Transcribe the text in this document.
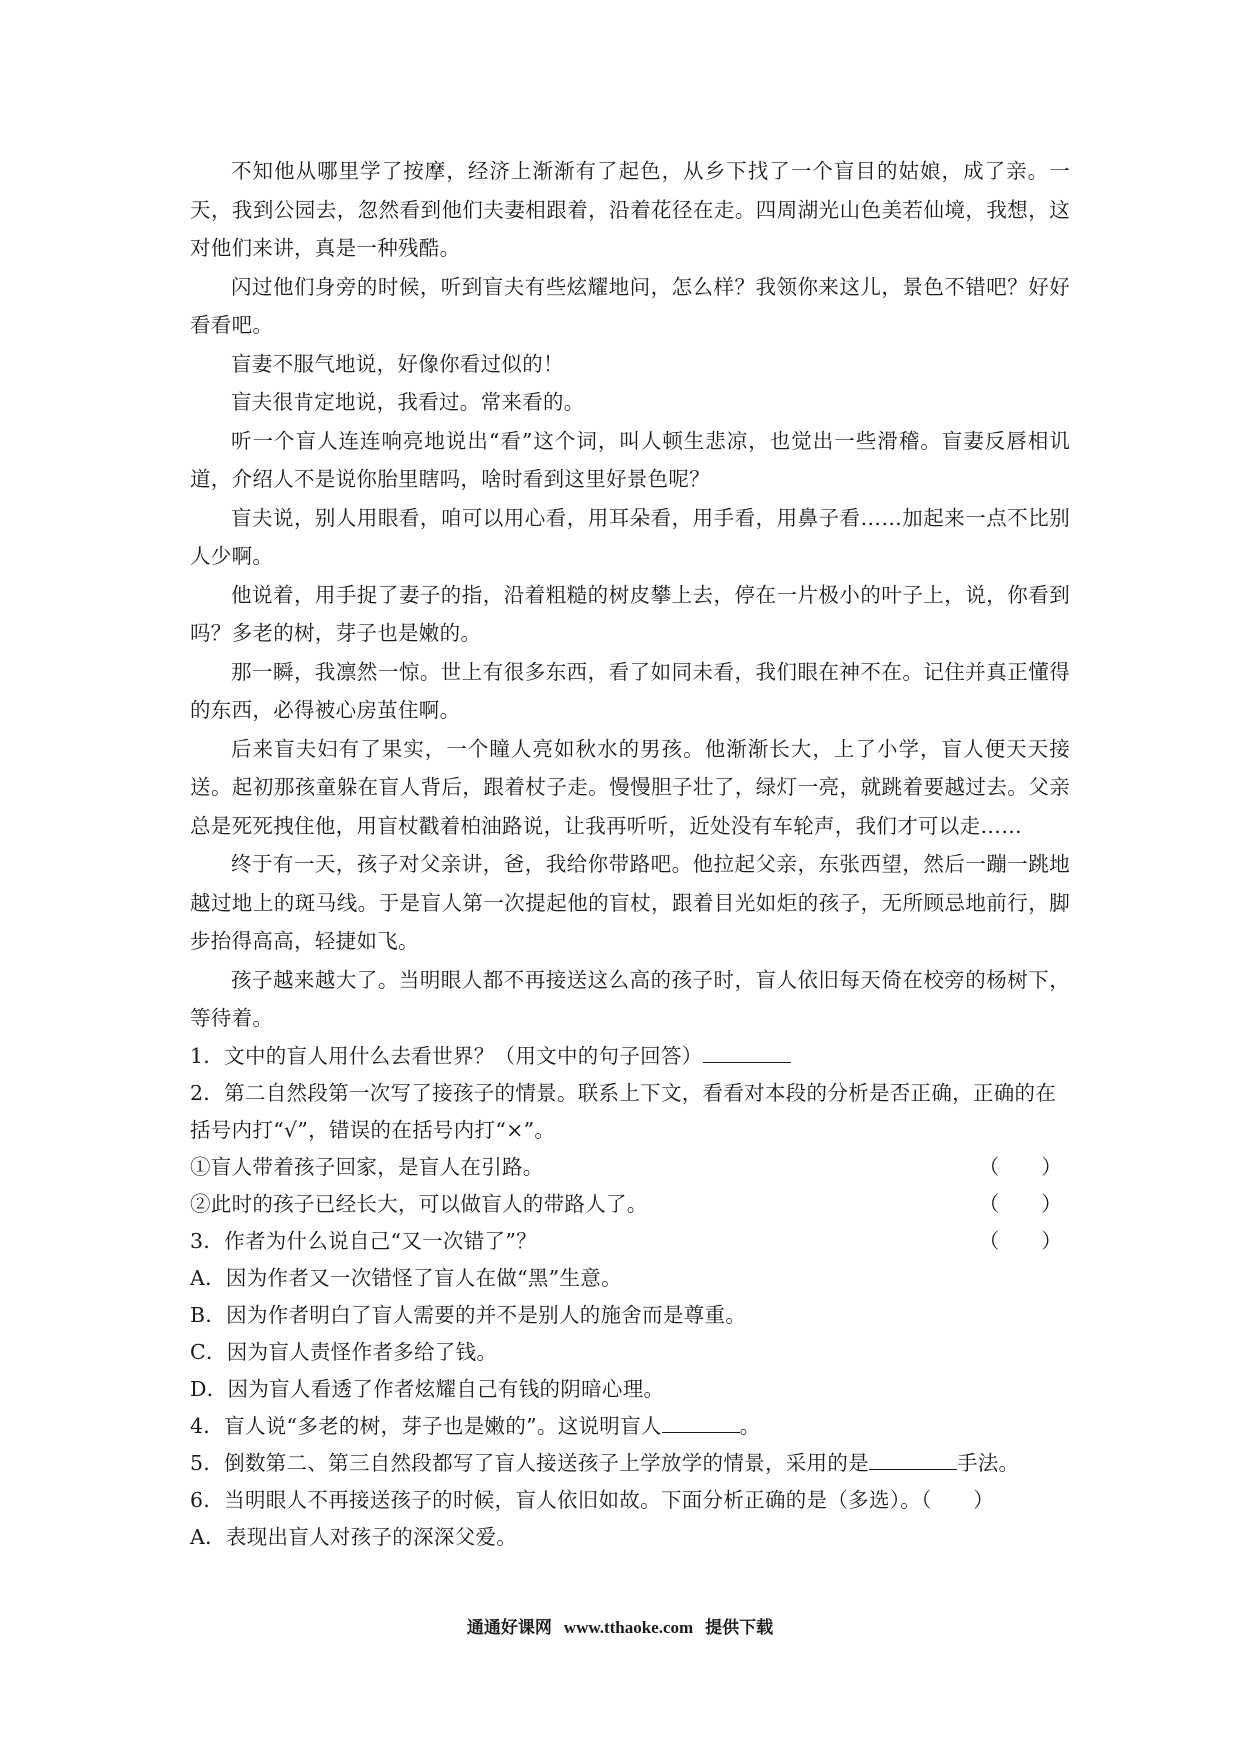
不知他从哪里学了按摩，经济上渐渐有了起色，从乡下找了一个盲目的姑娘，成了亲。一天，我到公园去，忽然看到他们夫妻相跟着，沿着花径在走。四周湖光山色美若仙境，我想，这对他们来讲，真是一种残酷。

闪过他们身旁的时候，听到盲夫有些炫耀地问，怎么样？我领你来这儿，景色不错吧？好好看看吧。

盲妻不服气地说，好像你看过似的！

盲夫很肯定地说，我看过。常来看的。

听一个盲人连连响亮地说出“看”这个词，叫人顿生悲凉，也觉出一些滑稽。盲妻反唇相讥道，介绍人不是说你胎里瞎吗，啥时看到这里好景色呢？

盲夫说，别人用眼看，咱可以用心看，用耳朵看，用手看，用鼻子看……加起来一点不比别人少啊。

他说着，用手捉了妻子的指，沿着粗糙的树皮攀上去，停在一片极小的叶子上，说，你看到吗？多老的树，芽子也是嫩的。

那一瞬，我凛然一惊。世上有很多东西，看了如同未看，我们眼在神不在。记住并真正懂得的东西，必得被心房茧住啊。

后来盲夫妇有了果实，一个瞳人亮如秋水的男孩。他渐渐长大，上了小学，盲人便天天接送。起初那孩童躲在盲人背后，跟着杖子走。慢慢胆子壮了，绿灯一亮，就跳着要越过去。父亲总是死死拽住他，用盲杖戳着柏油路说，让我再听听，近处没有车轮声，我们才可以走……

终于有一天，孩子对父亲讲，爸，我给你带路吧。他拉起父亲，东张西望，然后一蹦一跳地越过地上的斑马线。于是盲人第一次提起他的盲杖，跟着目光如炬的孩子，无所顾忌地前行，脚步抬得高高，轻捷如飞。

孩子越来越大了。当明眼人都不再接送这么高的孩子时，盲人依旧每天倚在校旁的杨树下，等待着。

1．文中的盲人用什么去看世界？（用文中的句子回答）

2．第二自然段第一次写了接孩子的情景。联系上下文，看看对本段的分析是否正确，正确的在括号内打“√”，错误的在括号内打“×”。

①盲人带着孩子回家，是盲人在引路。	（　　）

②此时的孩子已经长大，可以做盲人的带路人了。	（　　）

3．作者为什么说自己“又一次错了”？	（　　）

A．因为作者又一次错怪了盲人在做“黑”生意。

B．因为作者明白了盲人需要的并不是别人的施舍而是尊重。

C．因为盲人责怪作者多给了钱。

D．因为盲人看透了作者炫耀自己有钱的阴暗心理。

4．盲人说“多老的树，芽子也是嫩的”。这说明盲人	。

5．倒数第二、第三自然段都写了盲人接送孩子上学放学的情景，采用的是	手法。

6．当明眼人不再接送孩子的时候，盲人依旧如故。下面分析正确的是（多选）。（　　）

A．表现出盲人对孩子的深深父爱。

通通好课网 www.tthaoke.com 提供下载
